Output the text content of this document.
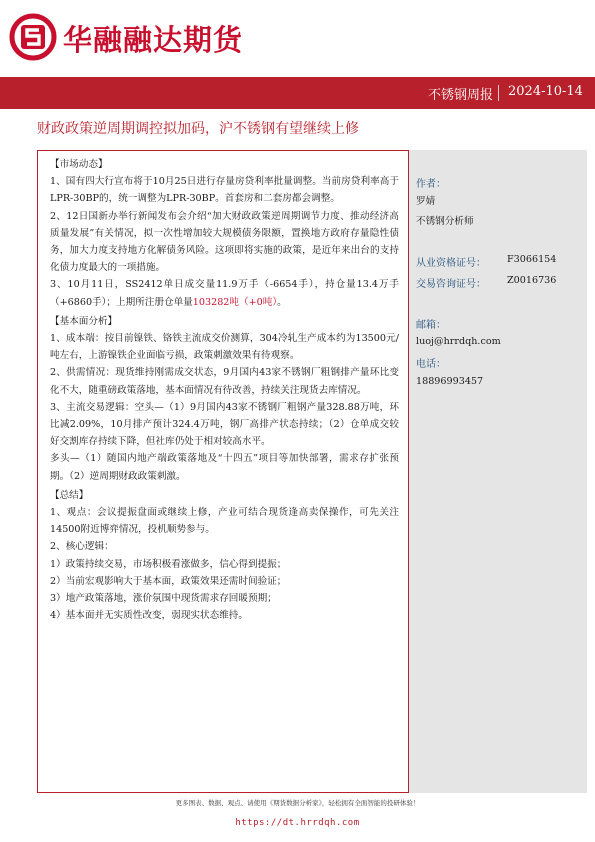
华融融达期货
不锈钢周报 2024-10-14
财政政策逆周期调控拟加码，沪不锈钢有望继续上修
【市场动态】
1、国有四大行宣布将于10月25日进行存量房贷利率批量调整。当前房贷利率高于LPR-30BP的，统一调整为LPR-30BP。首套房和二套房都会调整。
2、12日国新办举行新闻发布会介绍“加大财政政策逆周期调节力度、推动经济高质量发展”有关情况，拟一次性增加较大规模债务限额，置换地方政府存量隐性债务，加大力度支持地方化解债务风险。这项即将实施的政策，是近年来出台的支持化债力度最大的一项措施。
3、10月11日，SS2412单日成交量11.9万手（-6654手），持仓量13.4万手（+6860手）；上期所注册仓单量103282吨（+0吨）。
【基本面分析】
1、成本端：按目前镍铁、铬铁主流成交价测算，304冷轧生产成本约为13500元/吨左右，上游镍铁企业面临亏损，政策刺激效果有待观察。
2、供需情况：现货维持刚需成交状态，9月国内43家不锈钢厂粗钢排产量环比变化不大，随重磅政策落地，基本面情况有待改善，持续关注现货去库情况。
3、主流交易逻辑：空头—（1）9月国内43家不锈钢厂粗钢产量328.88万吨，环比减2.09%，10月排产预计324.4万吨，钢厂高排产状态持续；（2）仓单成交较好交割库存持续下降，但社库仍处于相对较高水平。
多头—（1）随国内地产端政策落地及“十四五”项目等加快部署，需求存扩张预期。（2）逆周期财政政策刺激。
【总结】
1、观点：会议提振盘面或继续上修，产业可结合现货逢高卖保操作，可先关注14500附近博弈情况，投机顺势参与。
2、核心逻辑：
1）政策持续交易，市场积极看涨做多，信心得到提振；
2）当前宏观影响大于基本面，政策效果还需时间验证；
3）地产政策落地，涨价氛围中现货需求存回暖预期；
4）基本面并无实质性改变，弱现实状态维持。
作者：
罗婧
不锈钢分析师
从业资格证号： F3066154
交易咨询证号： Z0016736
邮箱：
luoj@hrrdqh.com
电话：
18896993457
更多图表、数据、观点、请使用《期货数据分析家》，轻松拥有全面智能的投研体验！
https://dt.hrrdqh.com
